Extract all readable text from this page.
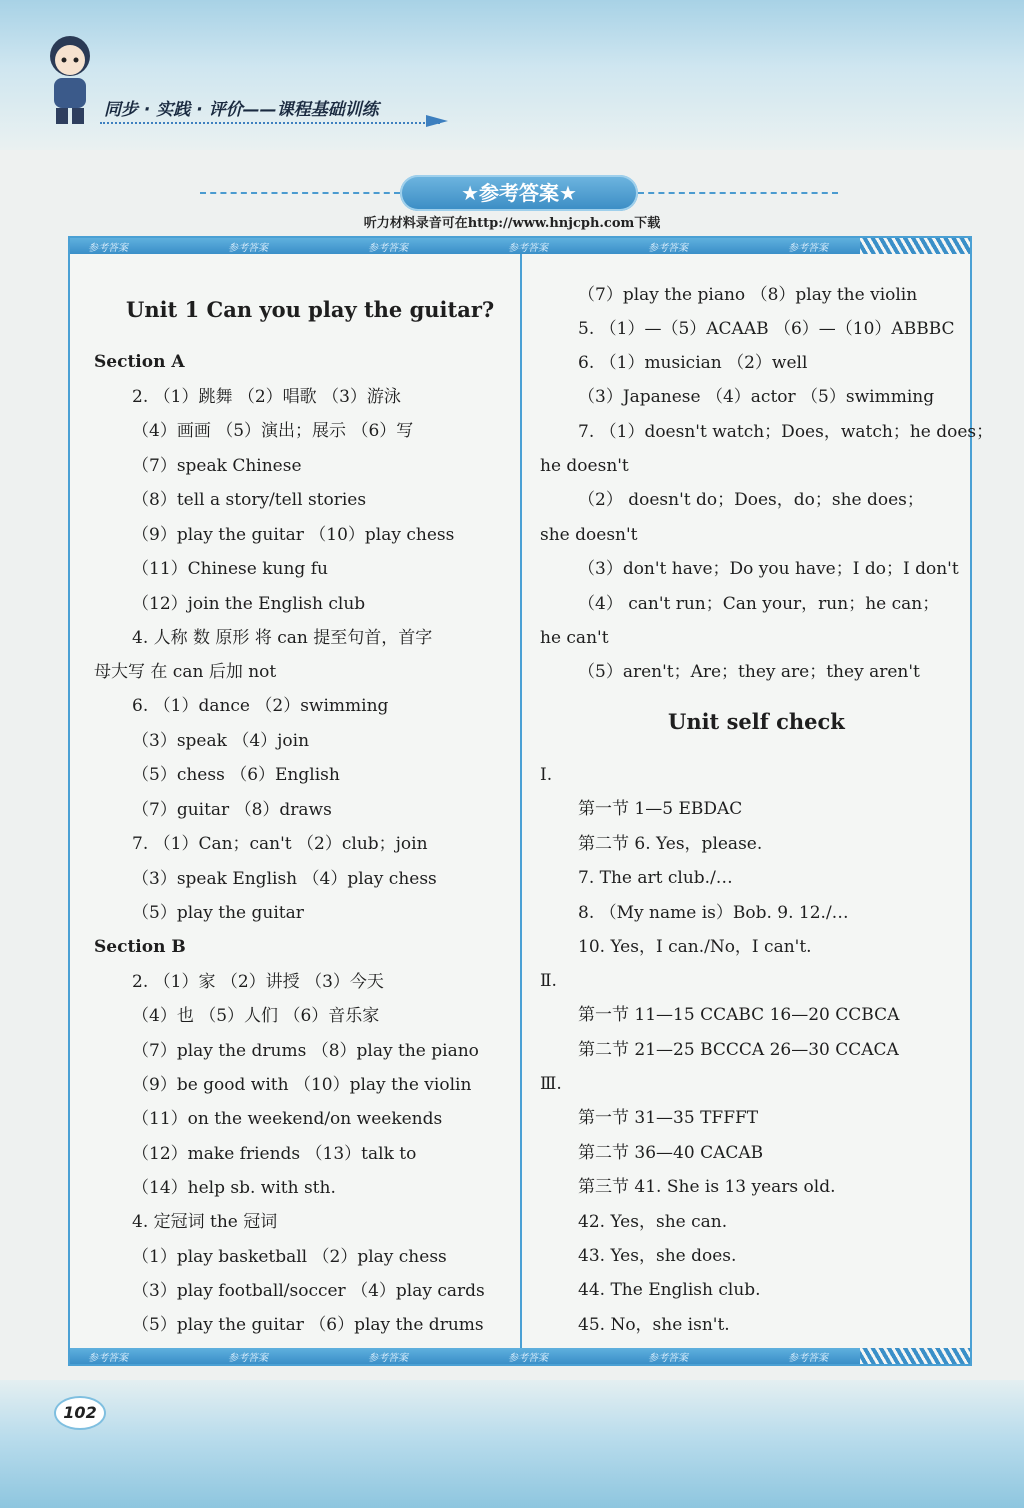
同步 · 实践 · 评价——课程基础训练
★参考答案★
听力材料录音可在http://www.hnjcph.com下载
参考答案	参考答案	参考答案	参考答案	参考答案	参考答案
参考答案	参考答案	参考答案	参考答案	参考答案	参考答案
Unit 1 Can you play the guitar?
Section A
2. （1）跳舞 （2）唱歌 （3）游泳
（4）画画 （5）演出；展示 （6）写
（7）speak Chinese
（8）tell a story/tell stories
（9）play the guitar （10）play chess
（11）Chinese kung fu
（12）join the English club
4. 人称 数 原形 将 can 提至句首，首字
母大写 在 can 后加 not
6. （1）dance （2）swimming
（3）speak （4）join
（5）chess （6）English
（7）guitar （8）draws
7. （1）Can；can't （2）club；join
（3）speak English （4）play chess
（5）play the guitar
Section B
2. （1）家 （2）讲授 （3）今天
（4）也 （5）人们 （6）音乐家
（7）play the drums （8）play the piano
（9）be good with （10）play the violin
（11）on the weekend/on weekends
（12）make friends （13）talk to
（14）help sb. with sth.
4. 定冠词 the 冠词
（1）play basketball （2）play chess
（3）play football/soccer （4）play cards
（5）play the guitar （6）play the drums
（7）play the piano （8）play the violin
5. （1）—（5）ACAAB （6）—（10）ABBBC
6. （1）musician （2）well
（3）Japanese （4）actor （5）swimming
7. （1）doesn't watch；Does，watch；he does；
he doesn't
（2） doesn't do；Does，do；she does；
she doesn't
（3）don't have；Do you have；I do；I don't
（4） can't run；Can your，run；he can；
he can't
（5）aren't；Are；they are；they aren't
Unit self check
Ⅰ.
第一节 1—5 EBDAC
第二节 6. Yes，please.
7. The art club./…
8. （My name is）Bob. 9. 12./…
10. Yes，I can./No，I can't.
Ⅱ.
第一节 11—15 CCABC 16—20 CCBCA
第二节 21—25 BCCCA 26—30 CCACA
Ⅲ.
第一节 31—35 TFFFT
第二节 36—40 CACAB
第三节 41. She is 13 years old.
42. Yes，she can.
43. Yes，she does.
44. The English club.
45. No，she isn't.
102
